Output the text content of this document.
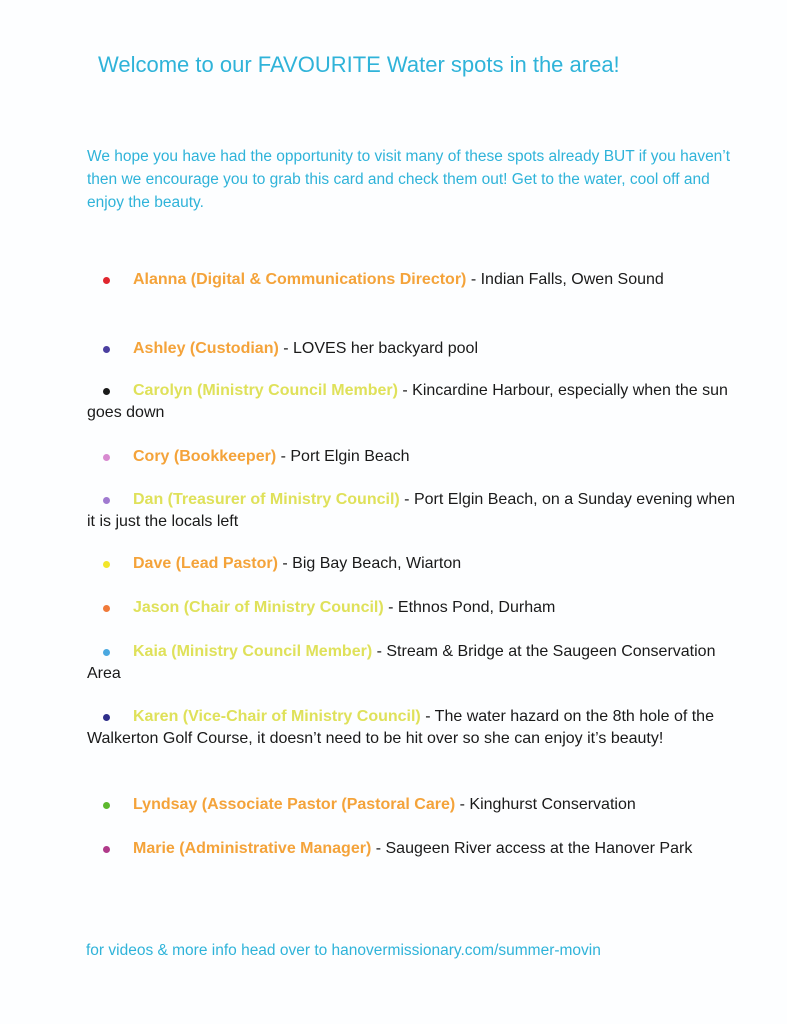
Welcome to our FAVOURITE Water spots in the area!
We hope you have had the opportunity to visit many of these spots already BUT if you haven’t then we encourage you to grab this card and check them out! Get to the water, cool off and enjoy the beauty.
Alanna (Digital & Communications Director) - Indian Falls, Owen Sound
Ashley (Custodian) - LOVES her backyard pool
Carolyn (Ministry Council Member) - Kincardine Harbour, especially when the sun goes down
Cory (Bookkeeper) - Port Elgin Beach
Dan (Treasurer of Ministry Council) - Port Elgin Beach, on a Sunday evening when it is just the locals left
Dave (Lead Pastor) - Big Bay Beach, Wiarton
Jason (Chair of Ministry Council) - Ethnos Pond, Durham
Kaia (Ministry Council Member) - Stream & Bridge at the Saugeen Conservation Area
Karen (Vice-Chair of Ministry Council) - The water hazard on the 8th hole of the Walkerton Golf Course, it doesn’t need to be hit over so she can enjoy it’s beauty!
Lyndsay (Associate Pastor (Pastoral Care) - Kinghurst Conservation
Marie (Administrative Manager) - Saugeen River access at the Hanover Park
for videos & more info head over to hanovermissionary.com/summer-movin
